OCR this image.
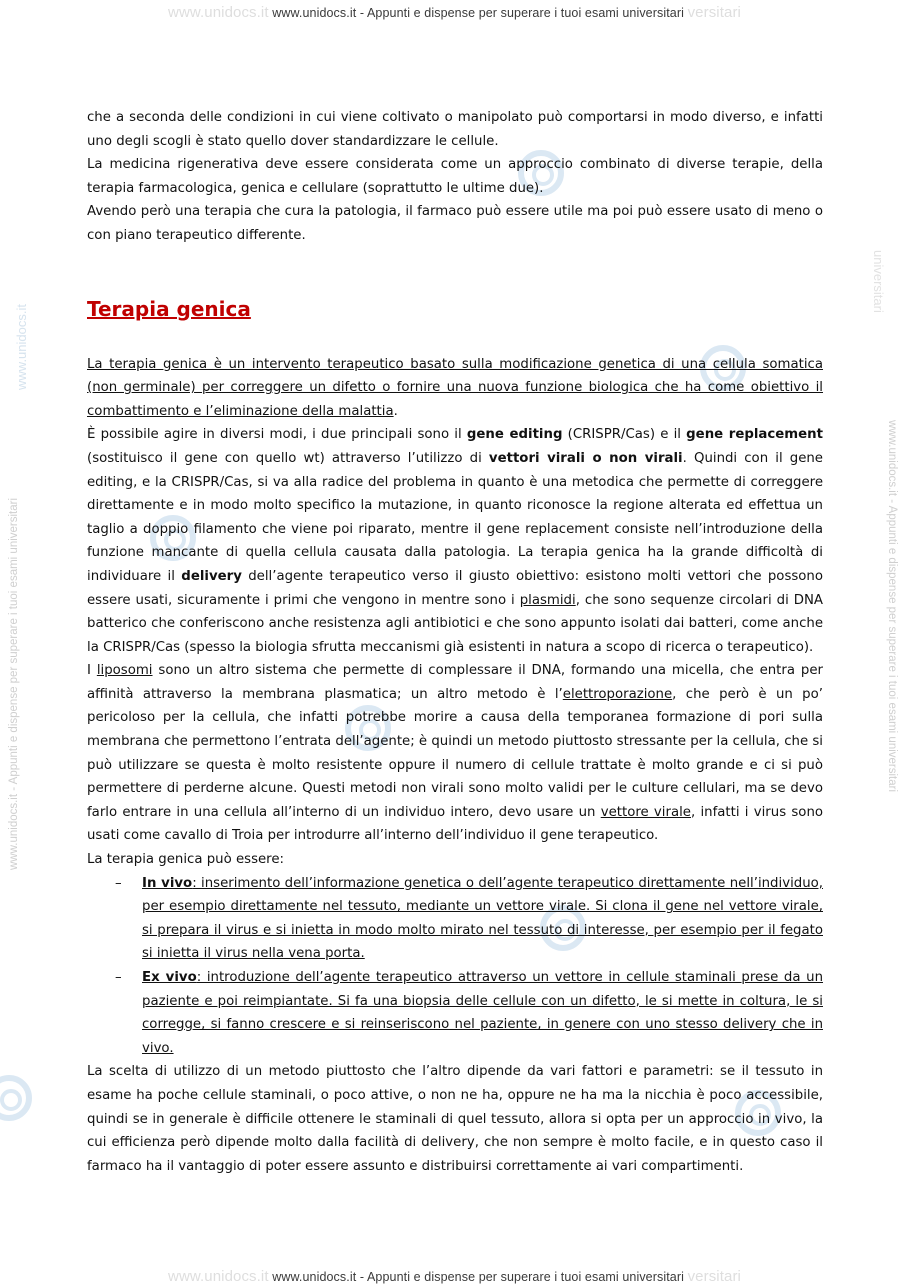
www.unidocs.it www.unidocs.it - Appunti e dispense per superare i tuoi esami universitari versitari
www.unidocs.it - Appunti e dispense per superare i tuoi esami universitari	www.unidocs.it - Appunti e dispense per superare i tuoi esami universitari
www.unidocs.it
universitari

che a seconda delle condizioni in cui viene coltivato o manipolato può comportarsi in modo diverso, e infatti uno degli scogli è stato quello dover standardizzare le cellule.

La medicina rigenerativa deve essere considerata come un approccio combinato di diverse terapie, della terapia farmacologica, genica e cellulare (soprattutto le ultime due).

Avendo però una terapia che cura la patologia, il farmaco può essere utile ma poi può essere usato di meno o con piano terapeutico differente.

Terapia genica

La terapia genica è un intervento terapeutico basato sulla modificazione genetica di una cellula somatica (non germinale) per correggere un difetto o fornire una nuova funzione biologica che ha come obiettivo il combattimento e l’eliminazione della malattia.

È possibile agire in diversi modi, i due principali sono il gene editing (CRISPR/Cas) e il gene replacement (sostituisco il gene con quello wt) attraverso l’utilizzo di vettori virali o non virali. Quindi con il gene editing, e la CRISPR/Cas, si va alla radice del problema in quanto è una metodica che permette di correggere direttamente e in modo molto specifico la mutazione, in quanto riconosce la regione alterata ed effettua un taglio a doppio filamento che viene poi riparato, mentre il gene replacement consiste nell’introduzione della funzione mancante di quella cellula causata dalla patologia. La terapia genica ha la grande difficoltà di individuare il delivery dell’agente terapeutico verso il giusto obiettivo: esistono molti vettori che possono essere usati, sicuramente i primi che vengono in mentre sono i plasmidi, che sono sequenze circolari di DNA batterico che conferiscono anche resistenza agli antibiotici e che sono appunto isolati dai batteri, come anche la CRISPR/Cas (spesso la biologia sfrutta meccanismi già esistenti in natura a scopo di ricerca o terapeutico).

I liposomi sono un altro sistema che permette di complessare il DNA, formando una micella, che entra per affinità attraverso la membrana plasmatica; un altro metodo è l’elettroporazione, che però è un po’ pericoloso per la cellula, che infatti potrebbe morire a causa della temporanea formazione di pori sulla membrana che permettono l’entrata dell’agente; è quindi un metodo piuttosto stressante per la cellula, che si può utilizzare se questa è molto resistente oppure il numero di cellule trattate è molto grande e ci si può permettere di perderne alcune. Questi metodi non virali sono molto validi per le culture cellulari, ma se devo farlo entrare in una cellula all’interno di un individuo intero, devo usare un vettore virale, infatti i virus sono usati come cavallo di Troia per introdurre all’interno dell’individuo il gene terapeutico.

La terapia genica può essere:

– In vivo: inserimento dell’informazione genetica o dell’agente terapeutico direttamente nell’individuo, per esempio direttamente nel tessuto, mediante un vettore virale. Si clona il gene nel vettore virale, si prepara il virus e si inietta in modo molto mirato nel tessuto di interesse, per esempio per il fegato si inietta il virus nella vena porta.
– Ex vivo: introduzione dell’agente terapeutico attraverso un vettore in cellule staminali prese da un paziente e poi reimpiantate. Si fa una biopsia delle cellule con un difetto, le si mette in coltura, le si corregge, si fanno crescere e si reinseriscono nel paziente, in genere con uno stesso delivery che in vivo.

La scelta di utilizzo di un metodo piuttosto che l’altro dipende da vari fattori e parametri: se il tessuto in esame ha poche cellule staminali, o poco attive, o non ne ha, oppure ne ha ma la nicchia è poco accessibile, quindi se in generale è difficile ottenere le staminali di quel tessuto, allora si opta per un approccio in vivo, la cui efficienza però dipende molto dalla facilità di delivery, che non sempre è molto facile, e in questo caso il farmaco ha il vantaggio di poter essere assunto e distribuirsi correttamente ai vari compartimenti.

www.unidocs.it www.unidocs.it - Appunti e dispense per superare i tuoi esami universitari versitari
